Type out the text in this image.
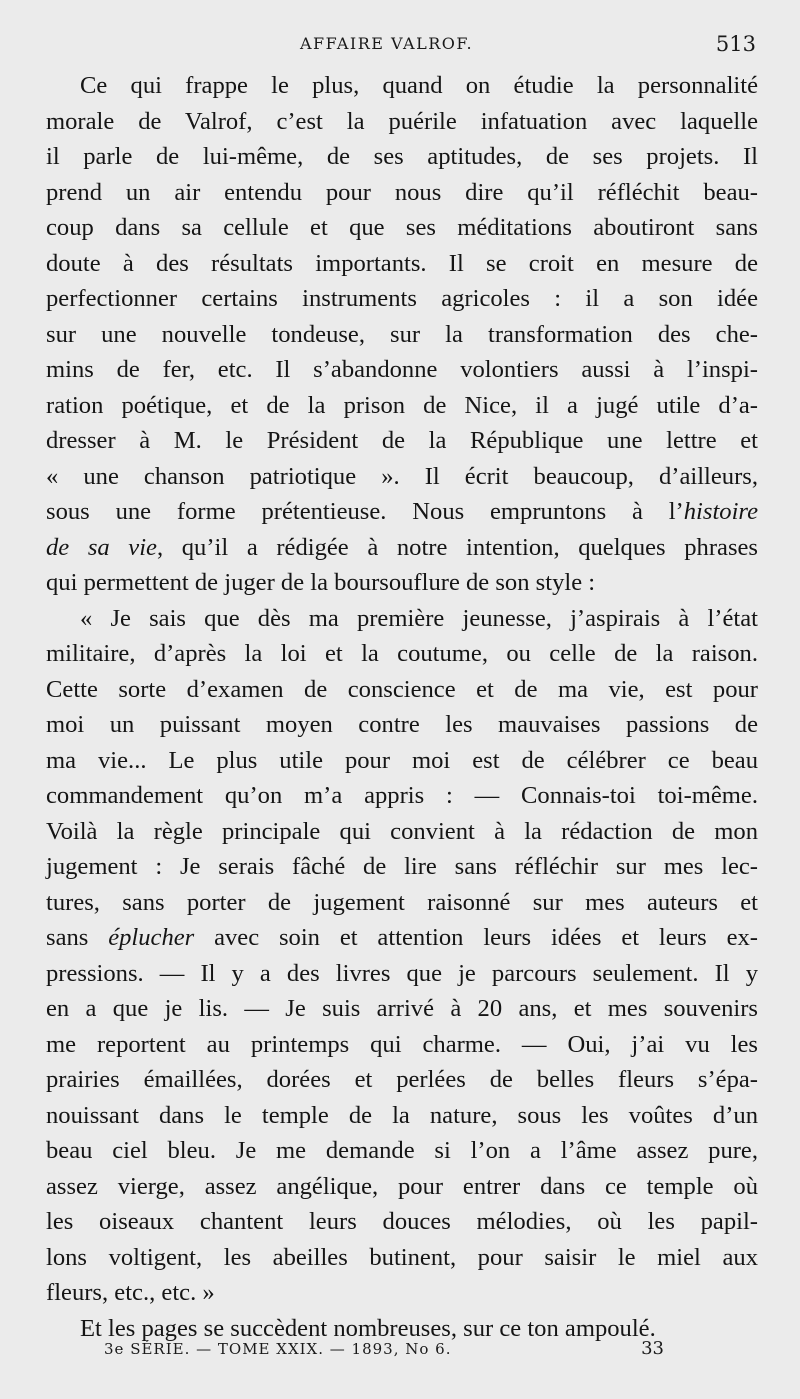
AFFAIRE VALROF.	513
Ce qui frappe le plus, quand on étudie la personnalité
morale de Valrof, c’est la puérile infatuation avec laquelle
il parle de lui-même, de ses aptitudes, de ses projets. Il
prend un air entendu pour nous dire qu’il réfléchit beau-
coup dans sa cellule et que ses méditations aboutiront sans
doute à des résultats importants. Il se croit en mesure de
perfectionner certains instruments agricoles : il a son idée
sur une nouvelle tondeuse, sur la transformation des che-
mins de fer, etc. Il s’abandonne volontiers aussi à l’inspi-
ration poétique, et de la prison de Nice, il a jugé utile d’a-
dresser à M. le Président de la République une lettre et
« une chanson patriotique ». Il écrit beaucoup, d’ailleurs,
sous une forme prétentieuse. Nous empruntons à l’histoire
de sa vie, qu’il a rédigée à notre intention, quelques phrases
qui permettent de juger de la boursouflure de son style :
« Je sais que dès ma première jeunesse, j’aspirais à l’état
militaire, d’après la loi et la coutume, ou celle de la raison.
Cette sorte d’examen de conscience et de ma vie, est pour
moi un puissant moyen contre les mauvaises passions de
ma vie... Le plus utile pour moi est de célébrer ce beau
commandement qu’on m’a appris : — Connais-toi toi-même.
Voilà la règle principale qui convient à la rédaction de mon
jugement : Je serais fâché de lire sans réfléchir sur mes lec-
tures, sans porter de jugement raisonné sur mes auteurs et
sans éplucher avec soin et attention leurs idées et leurs ex-
pressions. — Il y a des livres que je parcours seulement. Il y
en a que je lis. — Je suis arrivé à 20 ans, et mes souvenirs
me reportent au printemps qui charme. — Oui, j’ai vu les
prairies émaillées, dorées et perlées de belles fleurs s’épa-
nouissant dans le temple de la nature, sous les voûtes d’un
beau ciel bleu. Je me demande si l’on a l’âme assez pure,
assez vierge, assez angélique, pour entrer dans ce temple où
les oiseaux chantent leurs douces mélodies, où les papil-
lons voltigent, les abeilles butinent, pour saisir le miel aux
fleurs, etc., etc. »
Et les pages se succèdent nombreuses, sur ce ton ampoulé.
3e SÉRIE. — TOME XXIX. — 1893, No 6.	33
